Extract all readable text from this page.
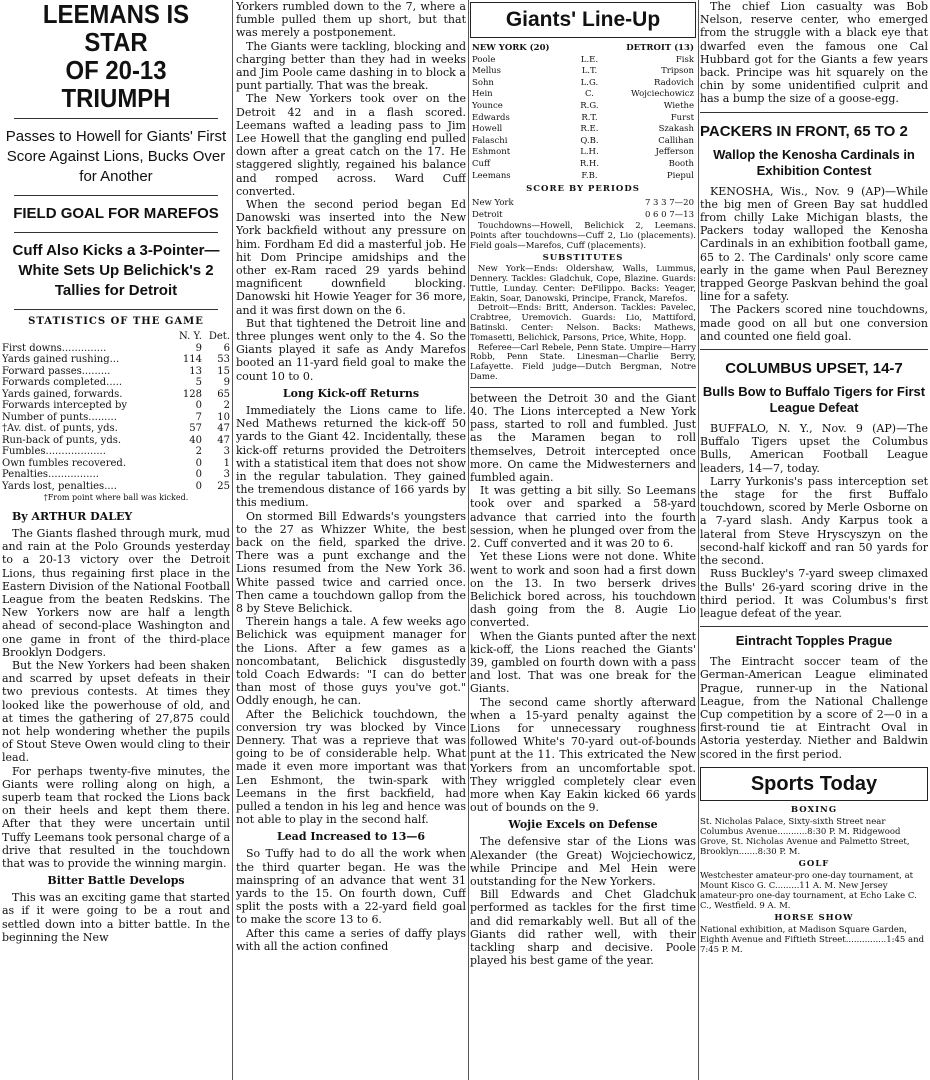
LEEMANS IS STAR
OF 20-13 TRIUMPH
Passes to Howell for Giants' First Score Against Lions, Bucks Over for Another
FIELD GOAL FOR MAREFOS
Cuff Also Kicks a 3-Pointer—White Sets Up Belichick's 2 Tallies for Detroit
STATISTICS OF THE GAME
	N. Y.	Det.
First downs..............	9	6
Yards gained rushing...	114	53
Forward passes.........	13	15
Forwards completed.....	5	9
Yards gained, forwards.	128	65
Forwards intercepted by	0	2
Number of punts.........	7	10
†Av. dist. of punts, yds.	57	47
Run-back of punts, yds.	40	47
Fumbles...................	2	3
Own fumbles recovered.	0	1
Penalties................	0	3
Yards lost, penalties....	0	25
†From point where ball was kicked.
By ARTHUR DALEY

The Giants flashed through murk, mud and rain at the Polo Grounds yesterday to a 20-13 victory over the Detroit Lions, thus regaining first place in the Eastern Division of the National Football League from the beaten Redskins. The New Yorkers now are half a length ahead of second-place Washington and one game in front of the third-place Brooklyn Dodgers.

But the New Yorkers had been shaken and scarred by upset defeats in their two previous contests. At times they looked like the powerhouse of old, and at times the gathering of 27,875 could not help wondering whether the pupils of Stout Steve Owen would cling to their lead.

For perhaps twenty-five minutes, the Giants were rolling along on high, a superb team that rocked the Lions back on their heels and kept them there. After that they were uncertain until Tuffy Leemans took personal charge of a drive that resulted in the touchdown that was to provide the winning margin.

Bitter Battle Develops

This was an exciting game that started as if it were going to be a rout and settled down into a bitter battle. In the beginning the New

Yorkers rumbled down to the 7, where a fumble pulled them up short, but that was merely a postponement.

The Giants were tackling, blocking and charging better than they had in weeks and Jim Poole came dashing in to block a punt partially. That was the break.

The New Yorkers took over on the Detroit 42 and in a flash scored. Leemans wafted a leading pass to Jim Lee Howell that the gangling end pulled down after a great catch on the 17. He staggered slightly, regained his balance and romped across. Ward Cuff converted.

When the second period began Ed Danowski was inserted into the New York backfield without any pressure on him. Fordham Ed did a masterful job. He hit Dom Principe amidships and the other ex-Ram raced 29 yards behind magnificent downfield blocking. Danowski hit Howie Yeager for 36 more, and it was first down on the 6.

But that tightened the Detroit line and three plunges went only to the 4. So the Giants played it safe as Andy Marefos booted an 11-yard field goal to make the count 10 to 0.

Long Kick-off Returns

Immediately the Lions came to life. Ned Mathews returned the kick-off 50 yards to the Giant 42. Incidentally, these kick-off returns provided the Detroiters with a statistical item that does not show in the regular tabulation. They gained the tremendous distance of 166 yards by this medium.

On stormed Bill Edwards's youngsters to the 27 as Whizzer White, the best back on the field, sparked the drive. There was a punt exchange and the Lions resumed from the New York 36. White passed twice and carried once. Then came a touchdown gallop from the 8 by Steve Belichick.

Therein hangs a tale. A few weeks ago Belichick was equipment manager for the Lions. After a few games as a noncombatant, Belichick disgustedly told Coach Edwards: "I can do better than most of those guys you've got." Oddly enough, he can.

After the Belichick touchdown, the conversion try was blocked by Vince Dennery. That was a reprieve that was going to be of considerable help. What made it even more important was that Len Eshmont, the twin-spark with Leemans in the first backfield, had pulled a tendon in his leg and hence was not able to play in the second half.

Lead Increased to 13—6

So Tuffy had to do all the work when the third quarter began. He was the mainspring of an advance that went 31 yards to the 15. On fourth down, Cuff split the posts with a 22-yard field goal to make the score 13 to 6.

After this came a series of daffy plays with all the action confined

Giants' Line-Up
NEW YORK (20)		DETROIT (13)
Poole	L.E.	Fisk
Mellus	L.T.	Tripson
Sohn	L.G.	Radovich
Hein	C.	Wojciechowicz
Younce	R.G.	Wiethe
Edwards	R.T.	Furst
Howell	R.E.	Szakash
Falaschi	Q.B.	Callihan
Eshmont	L.H.	Jefferson
Cuff	R.H.	Booth
Leemans	F.B.	Piepul
SCORE BY PERIODS
New York	7 3 3 7—20
Detroit	0 6 0 7—13

Touchdowns—Howell, Belichick 2, Leemans. Points after touchdowns—Cuff 2, Lio (placements). Field goals—Marefos, Cuff (placements).

SUBSTITUTES

New York—Ends: Oldershaw, Walls, Lummus, Dennery. Tackles: Gladchuk, Cope, Blazine. Guards: Tuttle, Lunday. Center: DeFilippo. Backs: Yeager, Eakin, Soar, Danowski, Principe, Franck, Marefos.

Detroit—Ends: Britt, Anderson. Tackles: Pavelec, Crabtree, Uremovich. Guards: Lio, Mattiford, Batinski. Center: Nelson. Backs: Mathews, Tomasetti, Belichick, Parsons, Price, White, Hopp.

Referee—Carl Rebele, Penn State. Umpire—Harry Robb, Penn State. Linesman—Charlie Berry, Lafayette. Field judge—Dutch Bergman, Notre Dame.

between the Detroit 30 and the Giant 40. The Lions intercepted a New York pass, started to roll and fumbled. Just as the Maramen began to roll themselves, Detroit intercepted once more. On came the Midwesterners and fumbled again.

It was getting a bit silly. So Leemans took over and sparked a 58-yard advance that carried into the fourth session, when he plunged over from the 2. Cuff converted and it was 20 to 6.

Yet these Lions were not done. White went to work and soon had a first down on the 13. In two berserk drives Belichick bored across, his touchdown dash going from the 8. Augie Lio converted.

When the Giants punted after the next kick-off, the Lions reached the Giants' 39, gambled on fourth down with a pass and lost. That was one break for the Giants.

The second came shortly afterward when a 15-yard penalty against the Lions for unnecessary roughness followed White's 70-yard out-of-bounds punt at the 11. This extricated the New Yorkers from an uncomfortable spot. They wriggled completely clear even more when Kay Eakin kicked 66 yards out of bounds on the 9.

Wojie Excels on Defense

The defensive star of the Lions was Alexander (the Great) Wojciechowicz, while Principe and Mel Hein were outstanding for the New Yorkers.

Bill Edwards and Chet Gladchuk performed as tackles for the first time and did remarkably well. But all of the Giants did rather well, with their tackling sharp and decisive. Poole played his best game of the year.

The chief Lion casualty was Bob Nelson, reserve center, who emerged from the struggle with a black eye that dwarfed even the famous one Cal Hubbard got for the Giants a few years back. Principe was hit squarely on the chin by some unidentified culprit and has a bump the size of a goose-egg.

PACKERS IN FRONT, 65 TO 2
Wallop the Kenosha Cardinals in Exhibition Contest

KENOSHA, Wis., Nov. 9 (AP)—While the big men of Green Bay sat huddled from chilly Lake Michigan blasts, the Packers today walloped the Kenosha Cardinals in an exhibition football game, 65 to 2. The Cardinals' only score came early in the game when Paul Berezney trapped George Paskvan behind the goal line for a safety.

The Packers scored nine touchdowns, made good on all but one conversion and counted one field goal.

COLUMBUS UPSET, 14-7
Bulls Bow to Buffalo Tigers for First League Defeat

BUFFALO, N. Y., Nov. 9 (AP)—The Buffalo Tigers upset the Columbus Bulls, American Football League leaders, 14—7, today.

Larry Yurkonis's pass interception set the stage for the first Buffalo touchdown, scored by Merle Osborne on a 7-yard slash. Andy Karpus took a lateral from Steve Hryscyszyn on the second-half kickoff and ran 50 yards for the second.

Russ Buckley's 7-yard sweep climaxed the Bulls' 26-yard scoring drive in the third period. It was Columbus's first league defeat of the year.

Eintracht Topples Prague

The Eintracht soccer team of the German-American League eliminated Prague, runner-up in the National League, from the National Challenge Cup competition by a score of 2—0 in a first-round tie at Eintracht Oval in Astoria yesterday. Niether and Baldwin scored in the first period.

Sports Today
BOXING

St. Nicholas Palace, Sixty-sixth Street near Columbus Avenue...........8:30 P. M. Ridgewood Grove, St. Nicholas Avenue and Palmetto Street, Brooklyn.......8:30 P. M.

GOLF

Westchester amateur-pro one-day tournament, at Mount Kisco G. C.........11 A. M. New Jersey amateur-pro one-day tournament, at Echo Lake C. C., Westfield. 9 A. M.

HORSE SHOW

National exhibition, at Madison Square Garden, Eighth Avenue and Fiftieth Street...............1:45 and 7:45 P. M.
